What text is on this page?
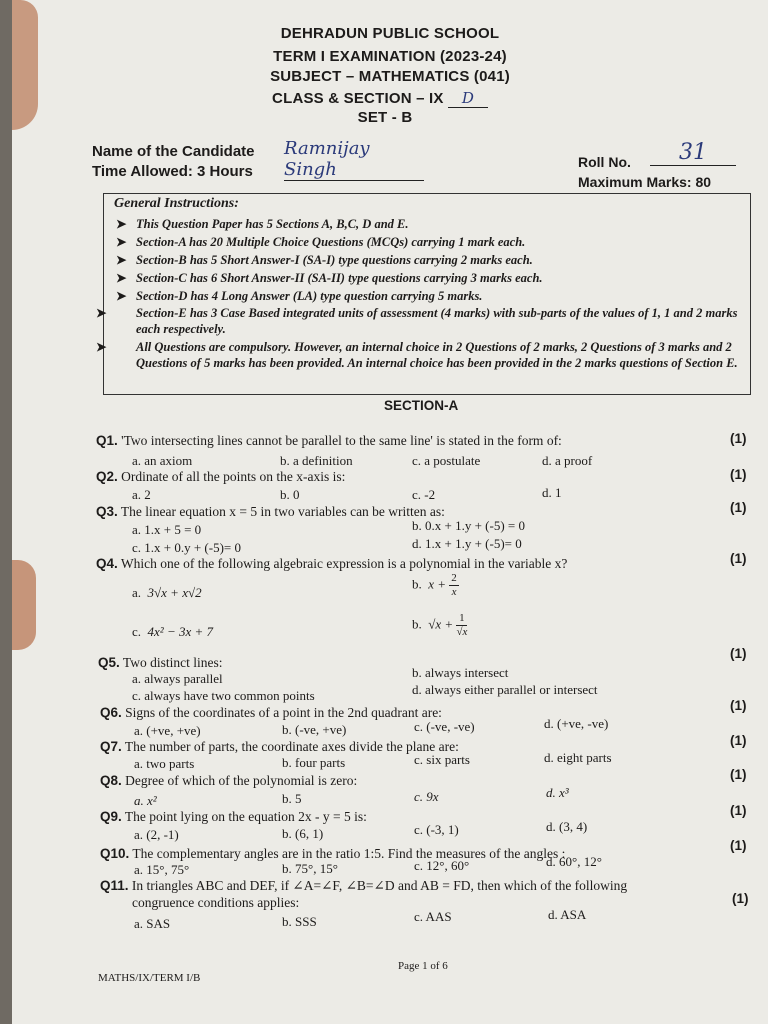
DEHRADUN PUBLIC SCHOOL
TERM I EXAMINATION (2023-24)
SUBJECT – MATHEMATICS (041)
CLASS & SECTION – IX D
SET - B
Name of the Candidate Ramnijay Singh	Roll No.	31
Time Allowed: 3 Hours
Maximum Marks: 80
General Instructions:
➤ This Question Paper has 5 Sections A, B,C, D and E.
➤ Section-A has 20 Multiple Choice Questions (MCQs) carrying 1 mark each.
➤ Section-B has 5 Short Answer-I (SA-I) type questions carrying 2 marks each.
➤ Section-C has 6 Short Answer-II (SA-II) type questions carrying 3 marks each.
➤ Section-D has 4 Long Answer (LA) type question carrying 5 marks.
➤ Section-E has 3 Case Based integrated units of assessment (4 marks) with sub-parts of the values of 1, 1 and 2 marks each respectively.
➤ All Questions are compulsory. However, an internal choice in 2 Questions of 2 marks, 2 Questions of 3 marks and 2 Questions of 5 marks has been provided. An internal choice has been provided in the 2 marks questions of Section E.
SECTION-A
Q1. 'Two intersecting lines cannot be parallel to the same line' is stated in the form of:	(1)
a. an axiom	b. a definition	c. a postulate	d. a proof
Q2. Ordinate of all the points on the x-axis is:	(1)
a. 2	b. 0	c. -2	d. 1
Q3. The linear equation x = 5 in two variables can be written as:	(1)
a. 1.x + 5 = 0	b. 0.x + 1.y + (-5) = 0
c. 1.x + 0.y + (-5)= 0	d. 1.x + 1.y + (-5)= 0
Q4. Which one of the following algebraic expression is a polynomial in the variable x?	(1)
a. 3√x + x√2
b. $x + \frac{2}{x}$
c. 4x² − 3x + 7
b. $√x + \frac{1}{√x}$
Q5. Two distinct lines:
(1)
a. always parallel	b. always intersect
c. always have two common points	d. always either parallel or intersect
Q6. Signs of the coordinates of a point in the 2nd quadrant are:	(1)
a. (+ve, +ve)	b. (-ve, +ve)	c. (-ve, -ve)	d. (+ve, -ve)
Q7. The number of parts, the coordinate axes divide the plane are:	(1)
a. two parts	b. four parts	c. six parts	d. eight parts
Q8. Degree of which of the polynomial is zero:	(1)
a. x²	b. 5	c. 9x	d. x³
Q9. The point lying on the equation 2x - y = 5 is:	(1)
a. (2, -1)	b. (6, 1)	c. (-3, 1)	d. (3, 4)
Q10. The complementary angles are in the ratio 1:5. Find the measures of the angles :
(1)
a. 15°, 75°	b. 75°, 15°	c. 12°, 60°	d. 60°, 12°
Q11. In triangles ABC and DEF, if ∠A=∠F, ∠B=∠D and AB = FD, then which of the following
congruence conditions applies:	(1)
a. SAS	b. SSS	c. AAS	d. ASA
MATHS/IX/TERM I/B
Page 1 of 6
